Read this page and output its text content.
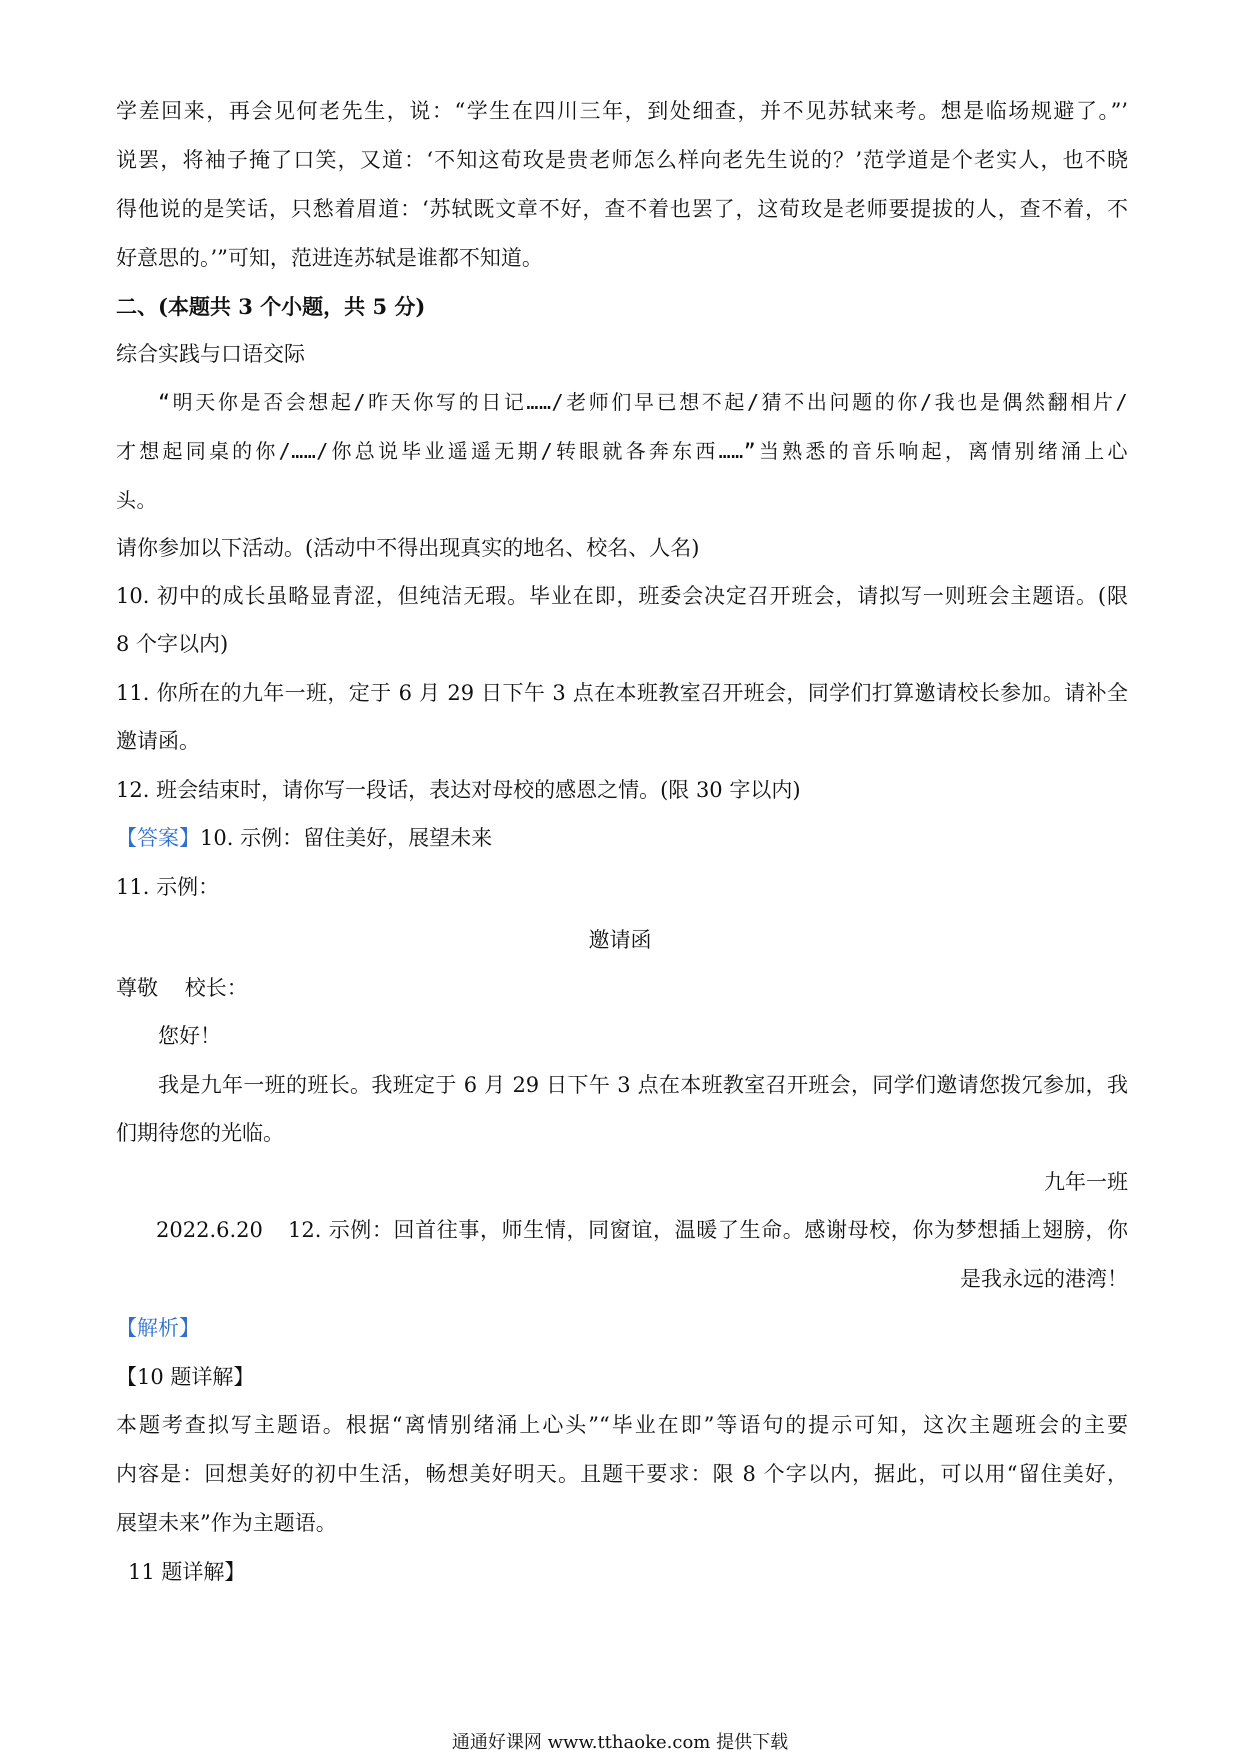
学差回来，再会见何老先生，说：“学生在四川三年，到处细查，并不见苏轼来考。想是临场规避了。”’
说罢，将袖子掩了口笑，又道：‘不知这荀玫是贵老师怎么样向老先生说的？’范学道是个老实人，也不晓
得他说的是笑话，只愁着眉道：‘苏轼既文章不好，查不着也罢了，这荀玫是老师要提拔的人，查不着，不
好意思的。’”可知，范进连苏轼是谁都不知道。
二、(本题共 3 个小题，共 5 分)
综合实践与口语交际
“明天你是否会想起/昨天你写的日记……/老师们早已想不起/猜不出问题的你/我也是偶然翻相片/
才想起同桌的你/……/你总说毕业遥遥无期/转眼就各奔东西……”当熟悉的音乐响起，离情别绪涌上心
头。
请你参加以下活动。(活动中不得出现真实的地名、校名、人名)
10. 初中的成长虽略显青涩，但纯洁无瑕。毕业在即，班委会决定召开班会，请拟写一则班会主题语。(限
8 个字以内)
11. 你所在的九年一班，定于 6 月 29 日下午 3 点在本班教室召开班会，同学们打算邀请校长参加。请补全
邀请函。
12. 班会结束时，请你写一段话，表达对母校的感恩之情。(限 30 字以内)
【答案】10. 示例：留住美好，展望未来
11. 示例：
邀请函
尊敬    校长：
您好！
我是九年一班的班长。我班定于 6 月 29 日下午 3 点在本班教室召开班会，同学们邀请您拨冗参加，我
们期待您的光临。
九年一班
2022.6.20 12. 示例：回首往事，师生情，同窗谊，温暖了生命。感谢母校，你为梦想插上翅膀，你
是我永远的港湾！
【解析】
【10 题详解】
本题考查拟写主题语。根据“离情别绪涌上心头”“毕业在即”等语句的提示可知，这次主题班会的主要
内容是：回想美好的初中生活，畅想美好明天。且题干要求：限 8 个字以内，据此，可以用“留住美好，
展望未来”作为主题语。
11 题详解】
通通好课网 www.tthaoke.com 提供下载
